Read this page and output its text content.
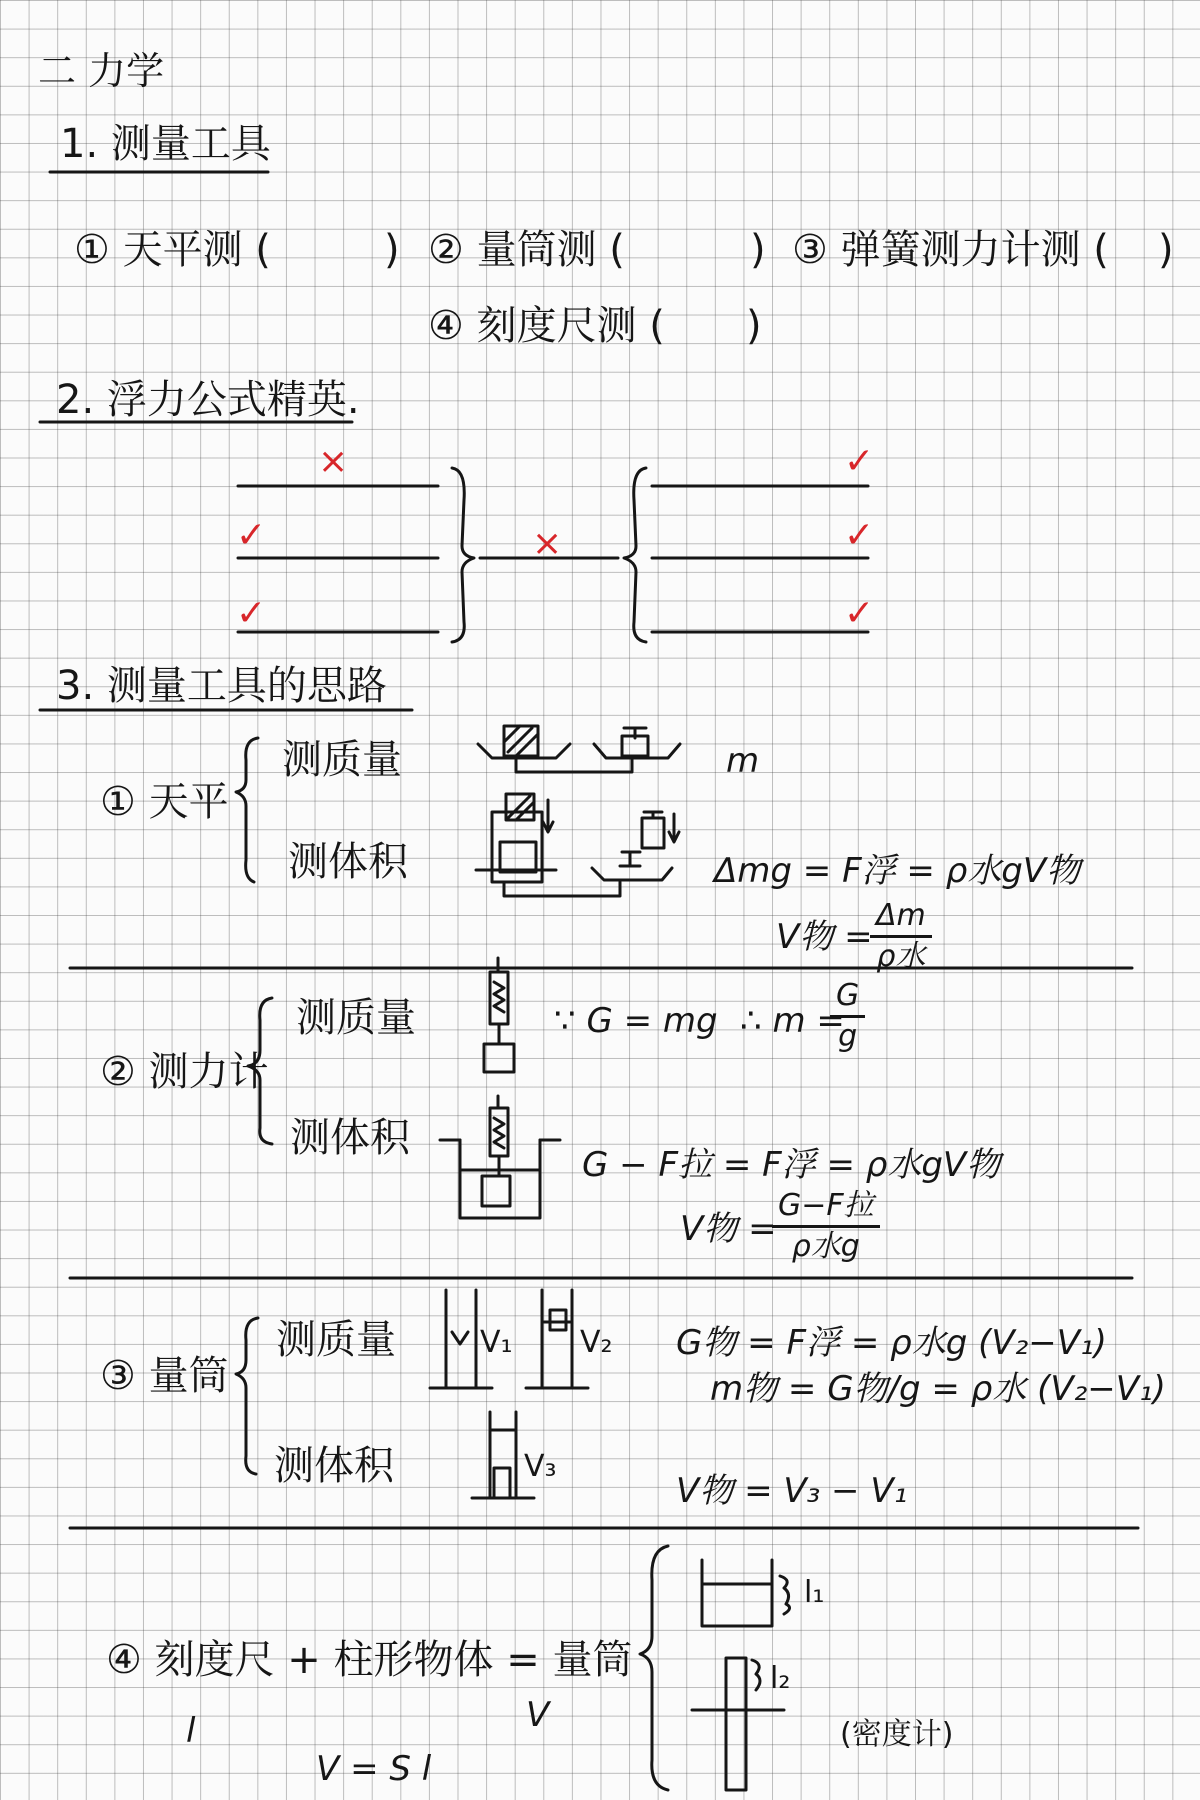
二 力学
1. 测量工具
① 天平测 (	) ② 量筒测 (	) ③ 弹簧测力计测 ( )
④ 刻度尺测 ( )
2. 浮力公式精英.
×
✓
✓
×
✓
✓
✓
3. 测量工具的思路
① 天平
测质量
测体积
m
Δmg = F浮 = ρ水gV物
V物 =
Δm
ρ水
② 测力计
测质量
测体积
∵ G = mg ∴ m =
$\frac{G}{g}$
G − F拉 = F浮 = ρ水gV物
V物 =
G−F拉
ρ水g
③ 量筒
测质量
测体积
V₁ V₂
V₃
G物 = F浮 = ρ水g (V₂−V₁)
m物 = G物/g = ρ水 (V₂−V₁)
V物 = V₃ − V₁
④ 刻度尺 + 柱形物体 = 量筒
l	V
V = S l
l₁
l₂
(密度计)
